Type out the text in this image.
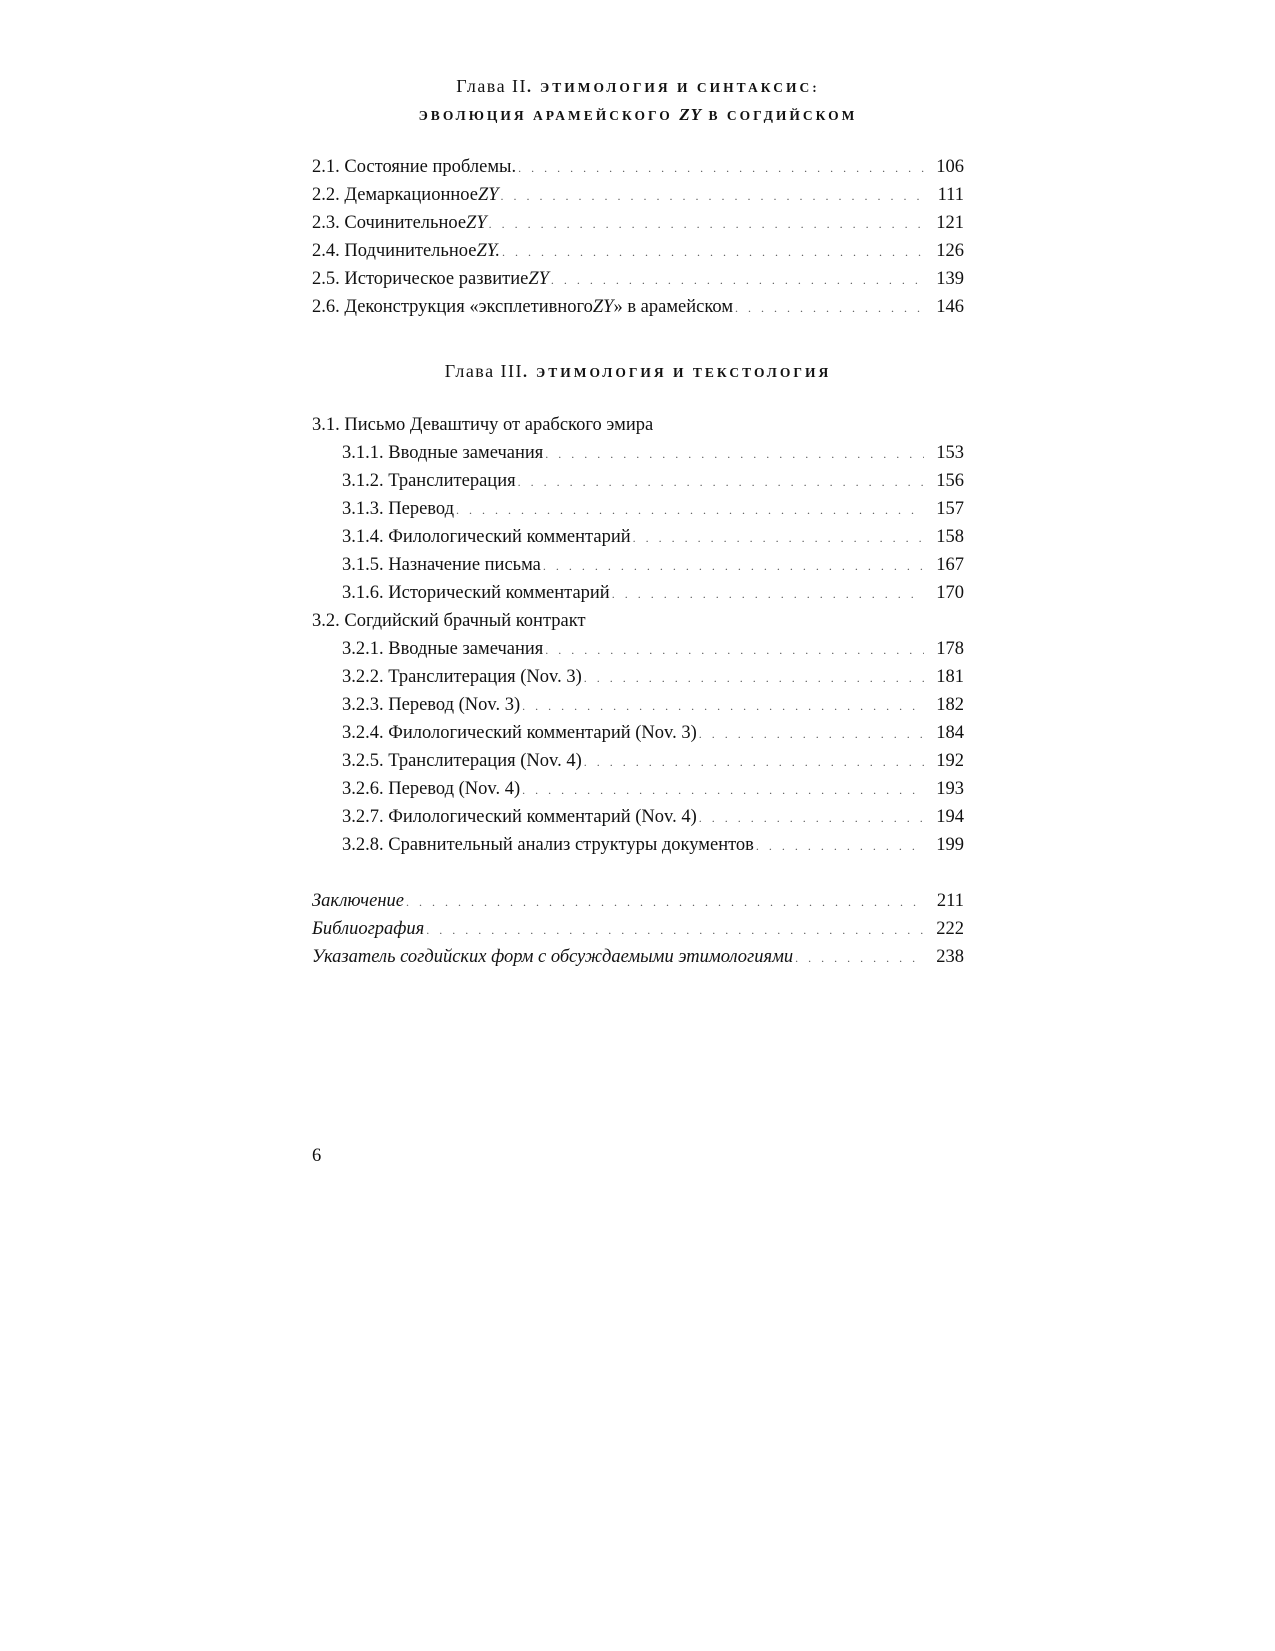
Глава II. ЭТИМОЛОГИЯ И СИНТАКСИС:
ЭВОЛЮЦИЯ АРАМЕЙСКОГО ZY В СОГДИЙСКОМ
2.1. Состояние проблемы. . . .	106
2.2. Демаркационное ZY . . .	111
2.3. Сочинительное ZY . . .	121
2.4. Подчинительное ZY. . . .	126
2.5. Историческое развитие ZY . . .	139
2.6. Деконструкция «эксплетивного ZY » в арамейском . . .	146
Глава III. ЭТИМОЛОГИЯ И ТЕКСТОЛОГИЯ
3.1. Письмо Деваштичу от арабского эмира
3.1.1. Вводные замечания . . .	153
3.1.2. Транслитерация . . .	156
3.1.3. Перевод . . .	157
3.1.4. Филологический комментарий . . .	158
3.1.5. Назначение письма . . .	167
3.1.6. Исторический комментарий . . .	170
3.2. Согдийский брачный контракт
3.2.1. Вводные замечания . . .	178
3.2.2. Транслитерация (Nov. 3) . . .	181
3.2.3. Перевод (Nov. 3) . . .	182
3.2.4. Филологический комментарий (Nov. 3) . . .	184
3.2.5. Транслитерация (Nov. 4) . . .	192
3.2.6. Перевод (Nov. 4) . . .	193
3.2.7. Филологический комментарий (Nov. 4) . . .	194
3.2.8. Сравнительный анализ структуры документов . . .	199
Заключение . . .	211
Библиография . . .	222
Указатель согдийских форм с обсуждаемыми этимологиями . . .	238
6
